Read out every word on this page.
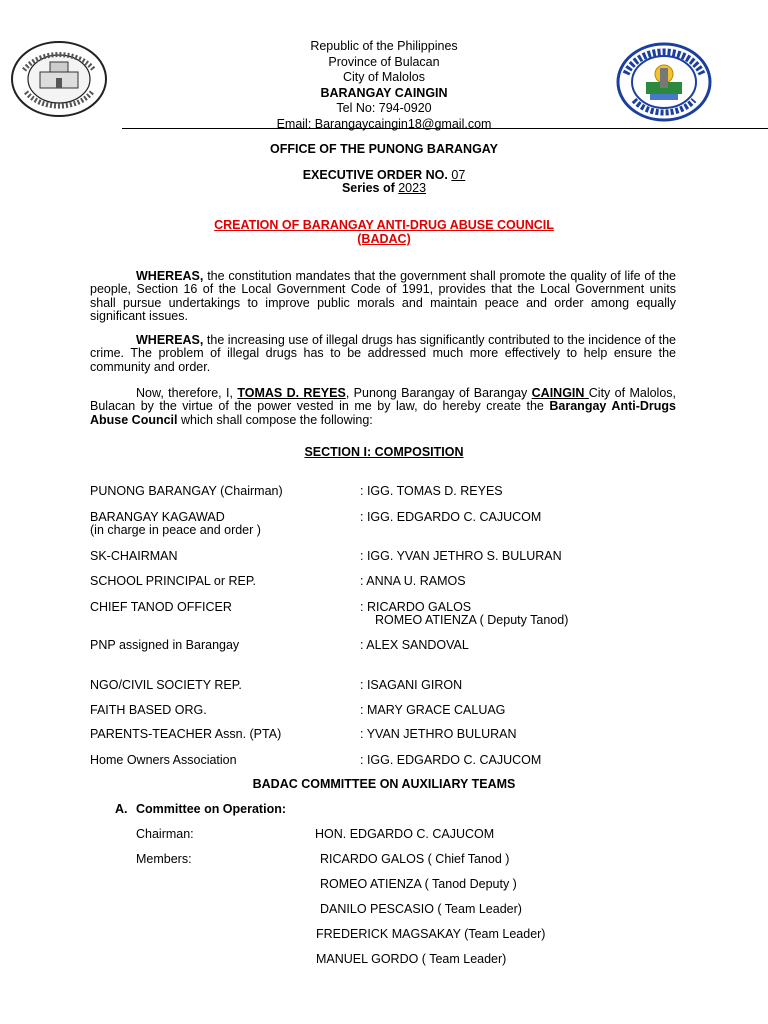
Republic of the Philippines
Province of Bulacan
City of Malolos
BARANGAY CAINGIN
Tel No: 794-0920
Email: Barangaycaingin18@gmail.com
OFFICE OF THE PUNONG BARANGAY
EXECUTIVE ORDER NO. 07
Series of 2023
CREATION OF BARANGAY ANTI-DRUG ABUSE COUNCIL
(BADAC)
WHEREAS, the constitution mandates that the government shall promote the quality of life of the people, Section 16 of the Local Government Code of 1991, provides that the Local Government units shall pursue undertakings to improve public morals and maintain peace and order among equally significant issues.
WHEREAS, the increasing use of illegal drugs has significantly contributed to the incidence of the crime. The problem of illegal drugs has to be addressed much more effectively to help ensure the community and order.
Now, therefore, I, TOMAS D. REYES, Punong Barangay of Barangay CAINGIN City of Malolos, Bulacan by the virtue of the power vested in me by law, do hereby create the Barangay Anti-Drugs Abuse Council which shall compose the following:
SECTION I: COMPOSITION
PUNONG BARANGAY (Chairman)	: IGG. TOMAS D. REYES
BARANGAY KAGAWAD
(in charge in peace and order )
: IGG. EDGARDO C. CAJUCOM
SK-CHAIRMAN	: IGG. YVAN JETHRO S. BULURAN
SCHOOL PRINCIPAL or REP.	: ANNA U. RAMOS
CHIEF TANOD OFFICER	: RICARDO GALOS
ROMEO ATIENZA ( Deputy Tanod)
PNP assigned in Barangay	: ALEX SANDOVAL
NGO/CIVIL SOCIETY REP.	: ISAGANI GIRON
FAITH BASED ORG.	: MARY GRACE CALUAG
PARENTS-TEACHER Assn. (PTA)	: YVAN JETHRO BULURAN
Home Owners Association	: IGG. EDGARDO C. CAJUCOM
BADAC COMMITTEE ON AUXILIARY TEAMS
A. Committee on Operation:
Chairman:	HON. EDGARDO C. CAJUCOM
Members:	RICARDO GALOS ( Chief Tanod )
ROMEO ATIENZA ( Tanod Deputy )
DANILO PESCASIO ( Team Leader)
FREDERICK MAGSAKAY (Team Leader)
MANUEL GORDO ( Team Leader)
